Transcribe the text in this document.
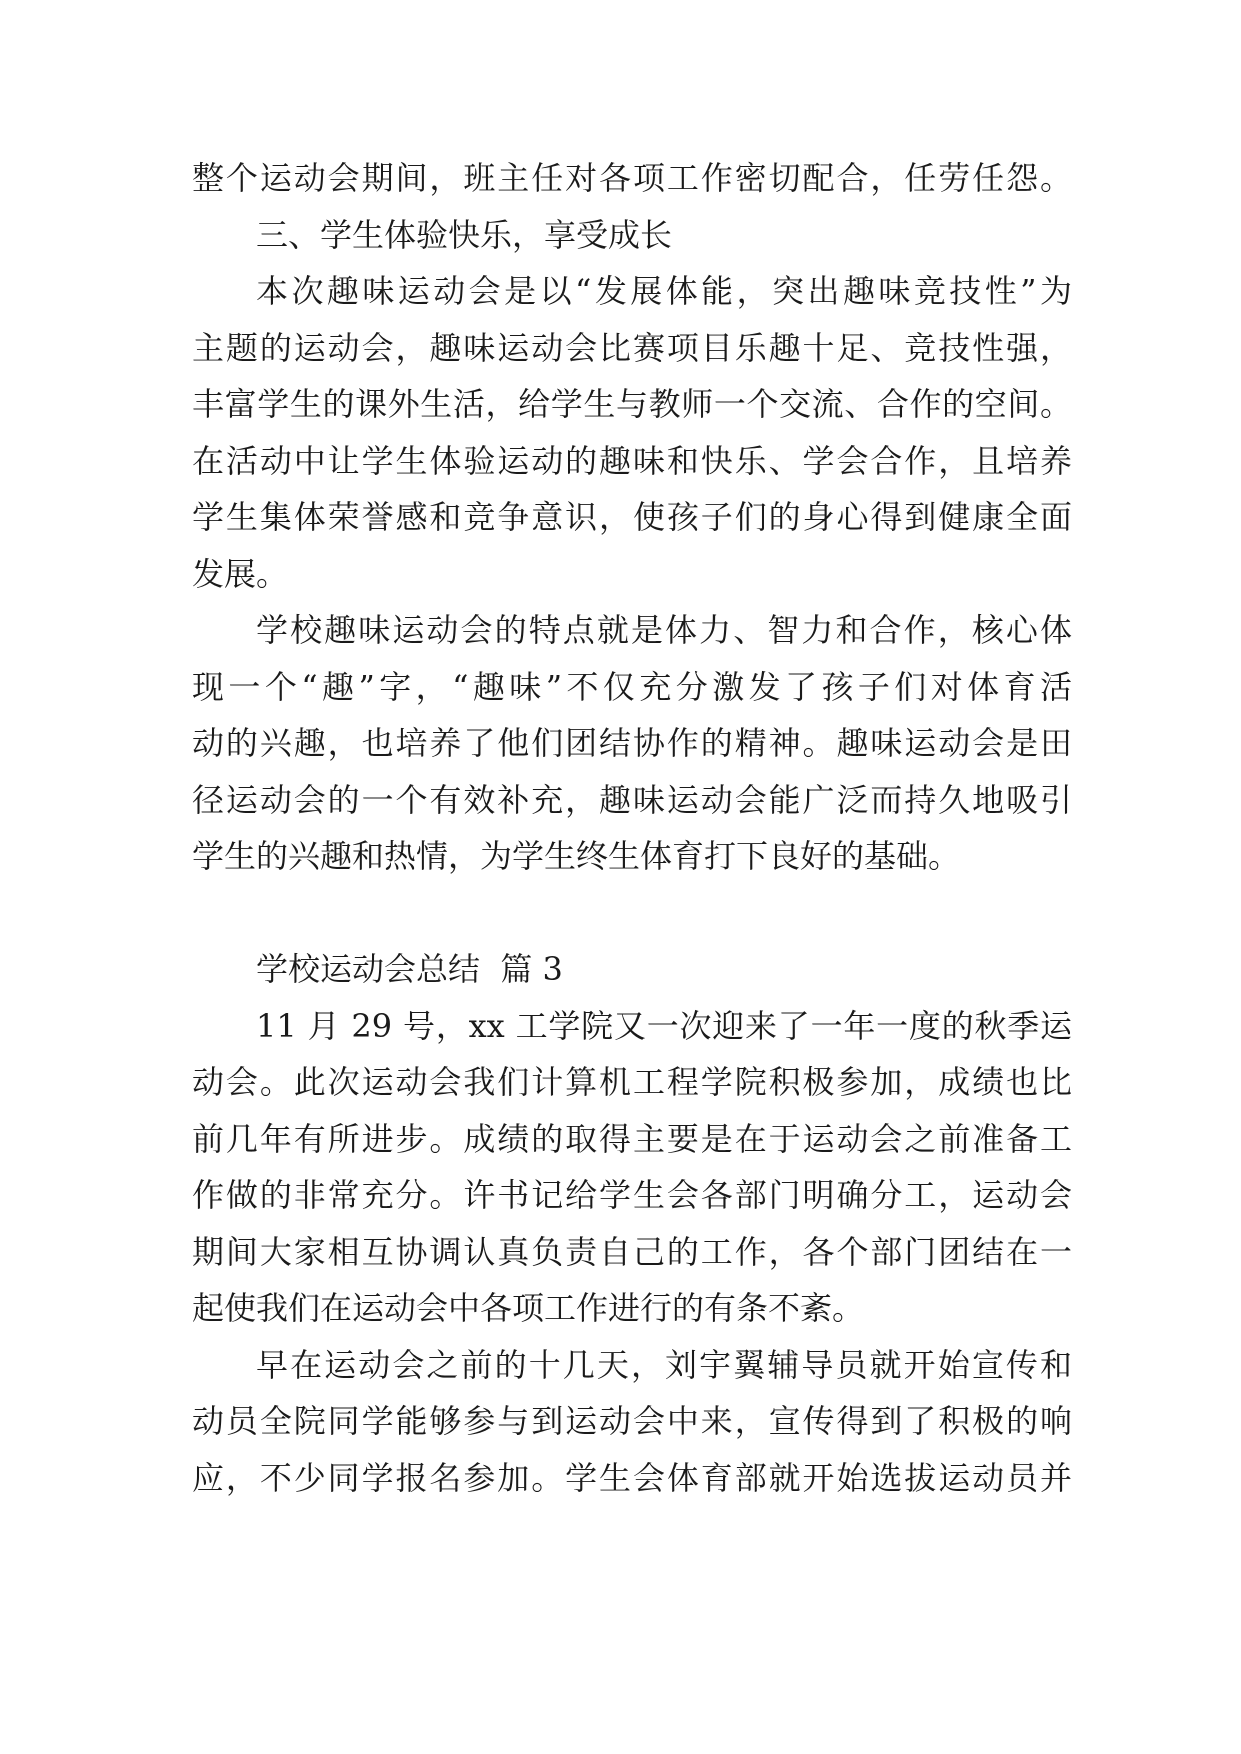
整个运动会期间，班主任对各项工作密切配合，任劳任怨。
三、学生体验快乐，享受成长
本次趣味运动会是以“发展体能，突出趣味竞技性”为
主题的运动会，趣味运动会比赛项目乐趣十足、竞技性强，
丰富学生的课外生活，给学生与教师一个交流、合作的空间。
在活动中让学生体验运动的趣味和快乐、学会合作，且培养
学生集体荣誉感和竞争意识，使孩子们的身心得到健康全面
发展。
学校趣味运动会的特点就是体力、智力和合作，核心体
现一个“趣”字，“趣味”不仅充分激发了孩子们对体育活
动的兴趣，也培养了他们团结协作的精神。趣味运动会是田
径运动会的一个有效补充，趣味运动会能广泛而持久地吸引
学生的兴趣和热情，为学生终生体育打下良好的基础。
学校运动会总结  篇 3
11 月 29 号，xx 工学院又一次迎来了一年一度的秋季运
动会。此次运动会我们计算机工程学院积极参加，成绩也比
前几年有所进步。成绩的取得主要是在于运动会之前准备工
作做的非常充分。许书记给学生会各部门明确分工，运动会
期间大家相互协调认真负责自己的工作，各个部门团结在一
起使我们在运动会中各项工作进行的有条不紊。
早在运动会之前的十几天，刘宇翼辅导员就开始宣传和
动员全院同学能够参与到运动会中来，宣传得到了积极的响
应，不少同学报名参加。学生会体育部就开始选拔运动员并
